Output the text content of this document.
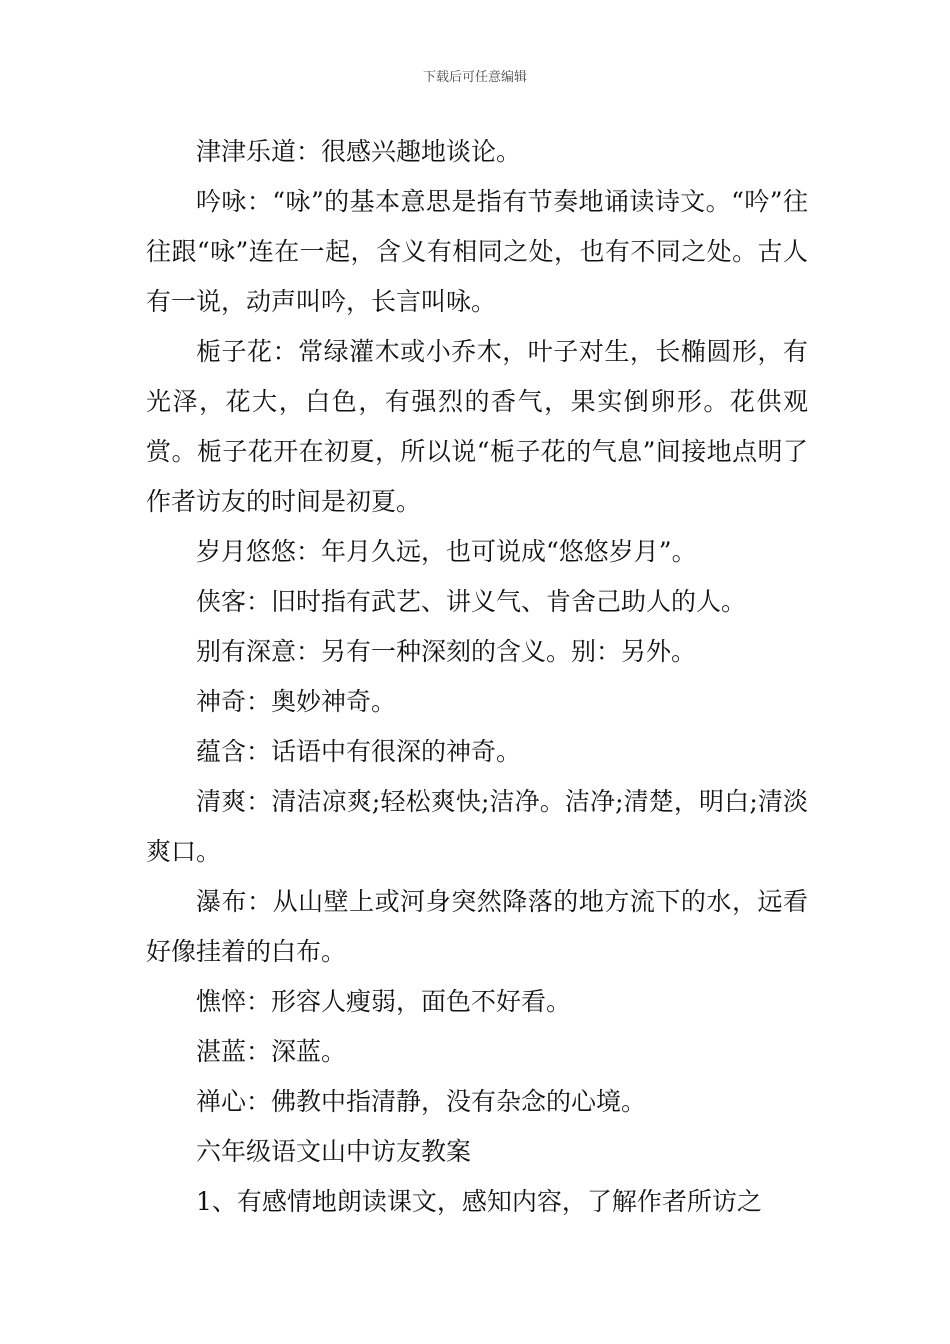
下载后可任意编辑

津津乐道：很感兴趣地谈论。

吟咏：“咏”的基本意思是指有节奏地诵读诗文。“吟”往往跟“咏”连在一起，含义有相同之处，也有不同之处。古人有一说，动声叫吟，长言叫咏。

栀子花：常绿灌木或小乔木，叶子对生，长椭圆形，有光泽，花大，白色，有强烈的香气，果实倒卵形。花供观赏。栀子花开在初夏，所以说“栀子花的气息”间接地点明了作者访友的时间是初夏。

岁月悠悠：年月久远，也可说成“悠悠岁月”。

侠客：旧时指有武艺、讲义气、肯舍己助人的人。

别有深意：另有一种深刻的含义。别：另外。

神奇：奥妙神奇。

蕴含：话语中有很深的神奇。

清爽：清洁凉爽;轻松爽快;洁净。洁净;清楚，明白;清淡爽口。

瀑布：从山壁上或河身突然降落的地方流下的水，远看好像挂着的白布。

憔悴：形容人瘦弱，面色不好看。

湛蓝：深蓝。

禅心：佛教中指清静，没有杂念的心境。

六年级语文山中访友教案

1、有感情地朗读课文，感知内容，了解作者所访之
